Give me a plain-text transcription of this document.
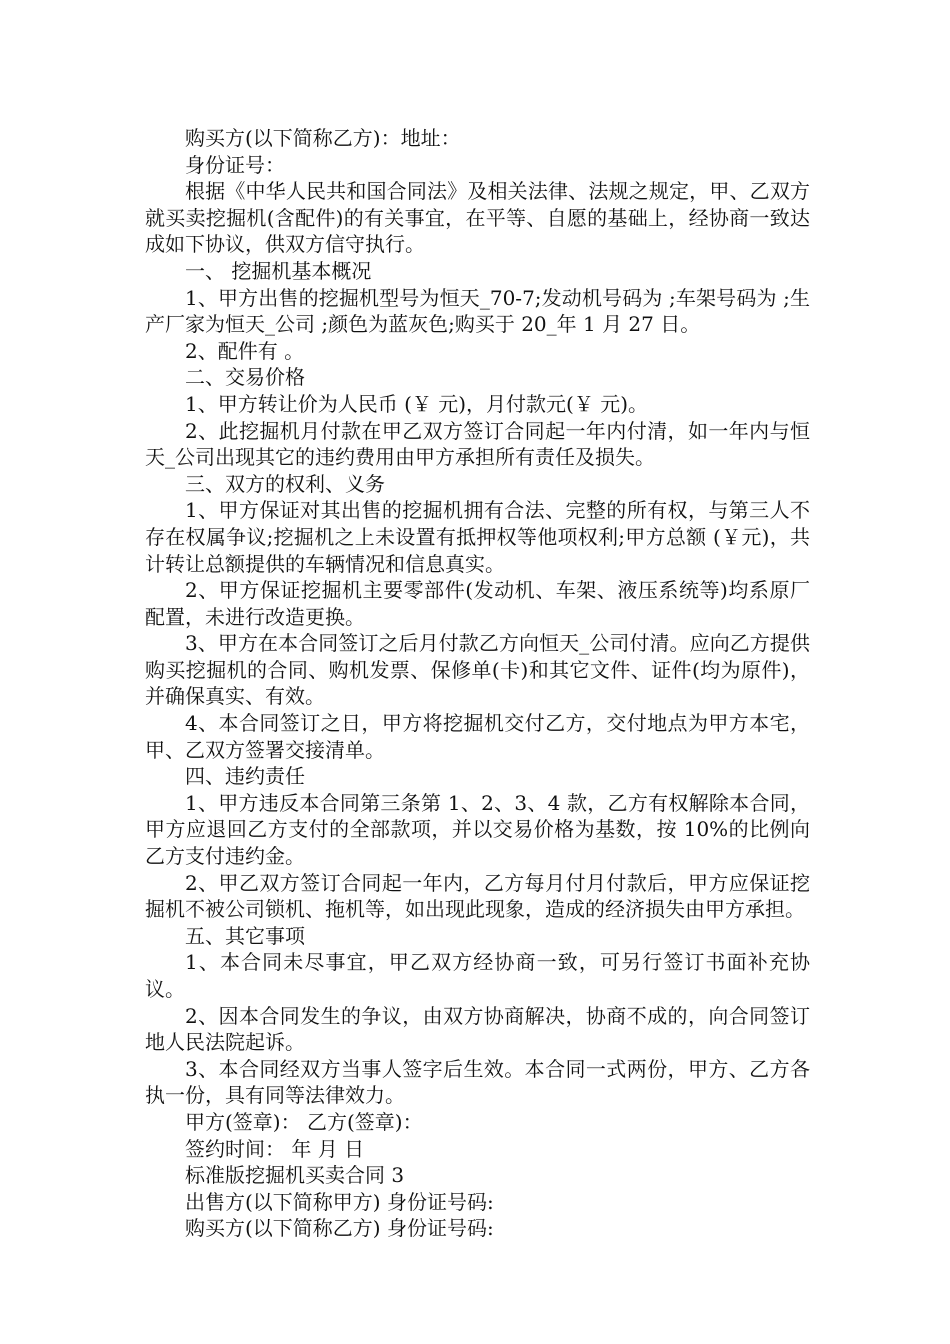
购买方(以下简称乙方)：地址：

身份证号：

根据《中华人民共和国合同法》及相关法律、法规之规定，甲、乙双方就买卖挖掘机(含配件)的有关事宜，在平等、自愿的基础上，经协商一致达成如下协议，供双方信守执行。

一、 挖掘机基本概况

1、甲方出售的挖掘机型号为恒天_70-7;发动机号码为 ;车架号码为 ;生产厂家为恒天_公司 ;颜色为蓝灰色;购买于 20_年 1 月 27 日。

2、配件有 。

二、交易价格

1、甲方转让价为人民币 (￥ 元)，月付款元(￥ 元)。

2、此挖掘机月付款在甲乙双方签订合同起一年内付清，如一年内与恒天_公司出现其它的违约费用由甲方承担所有责任及损失。

三、双方的权利、义务

1、甲方保证对其出售的挖掘机拥有合法、完整的所有权，与第三人不存在权属争议;挖掘机之上未设置有抵押权等他项权利;甲方总额 (￥元)，共计转让总额提供的车辆情况和信息真实。

2、甲方保证挖掘机主要零部件(发动机、车架、液压系统等)均系原厂配置，未进行改造更换。

3、甲方在本合同签订之后月付款乙方向恒天_公司付清。应向乙方提供购买挖掘机的合同、购机发票、保修单(卡)和其它文件、证件(均为原件)，并确保真实、有效。

4、本合同签订之日，甲方将挖掘机交付乙方，交付地点为甲方本宅，甲、乙双方签署交接清单。

四、违约责任

1、甲方违反本合同第三条第 1、2、3、4 款，乙方有权解除本合同，甲方应退回乙方支付的全部款项，并以交易价格为基数，按 10%的比例向乙方支付违约金。

2、甲乙双方签订合同起一年内，乙方每月付月付款后，甲方应保证挖掘机不被公司锁机、拖机等，如出现此现象，造成的经济损失由甲方承担。

五、其它事项

1、本合同未尽事宜，甲乙双方经协商一致，可另行签订书面补充协议。

2、因本合同发生的争议，由双方协商解决，协商不成的，向合同签订地人民法院起诉。

3、本合同经双方当事人签字后生效。本合同一式两份，甲方、乙方各执一份，具有同等法律效力。

甲方(签章)： 乙方(签章)：

签约时间： 年 月 日

标准版挖掘机买卖合同 3

出售方(以下简称甲方) 身份证号码:

购买方(以下简称乙方) 身份证号码:
